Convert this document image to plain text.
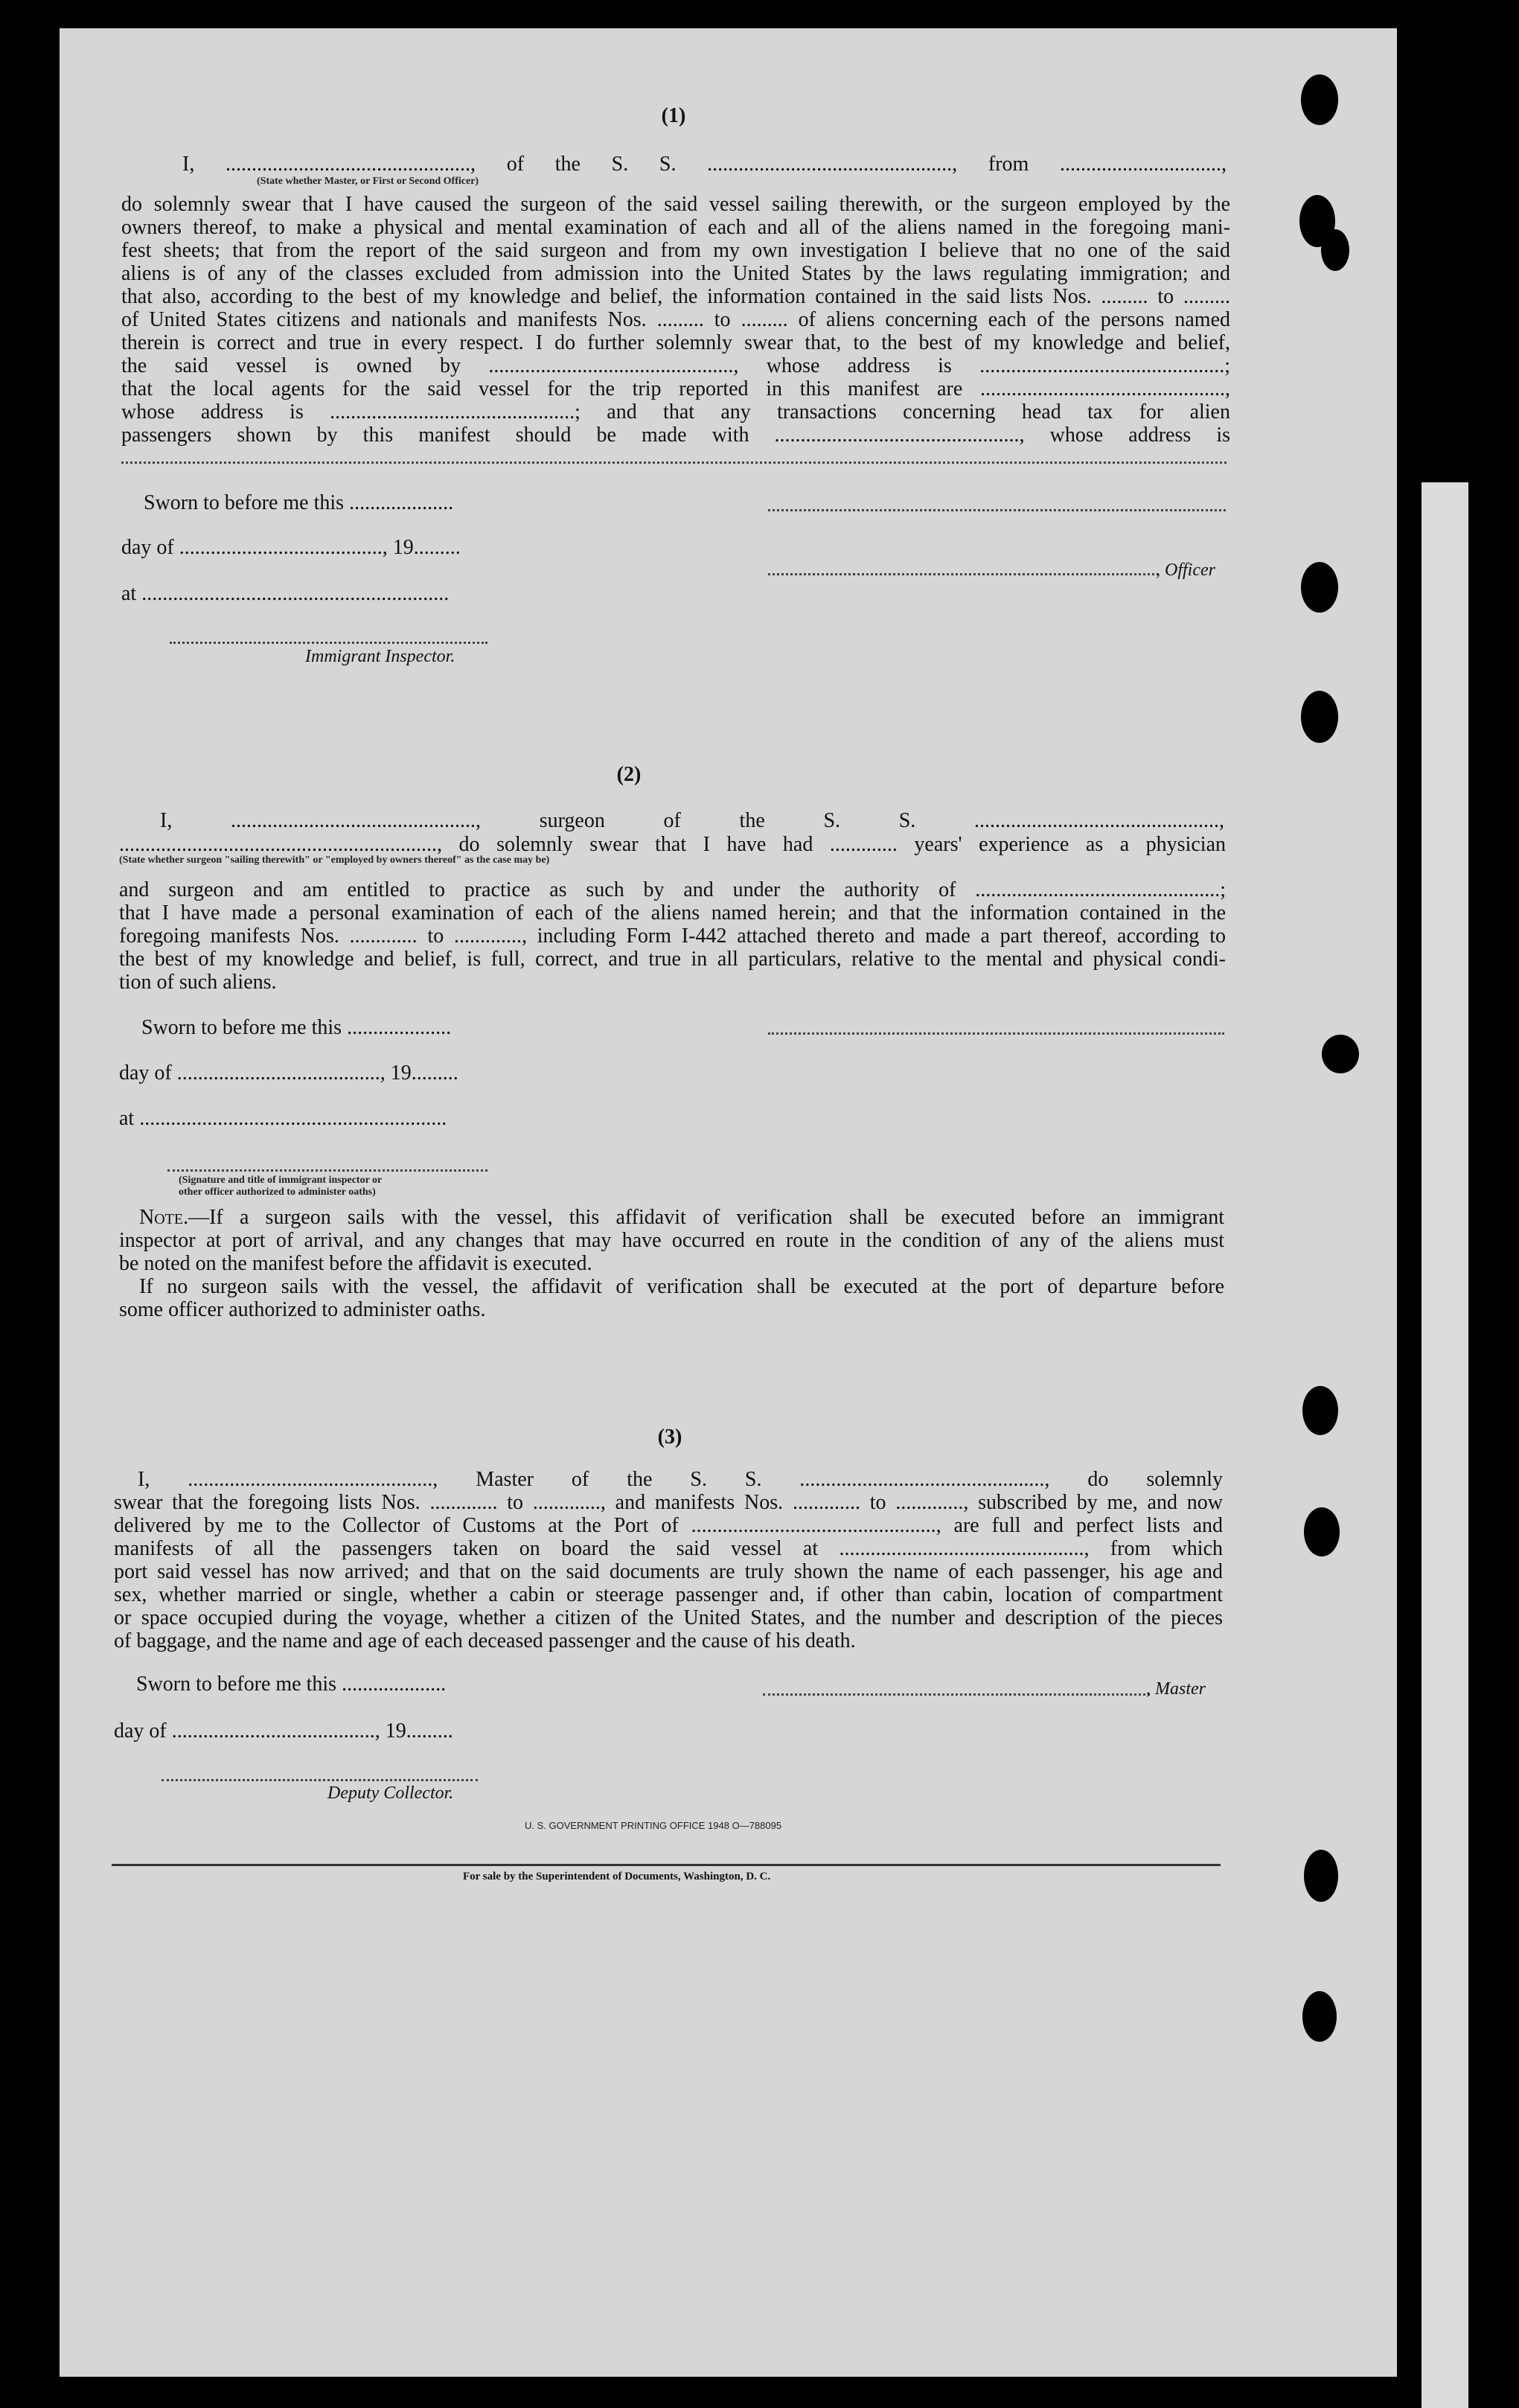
(1)
I, ..............................................., of the S. S. ..............................................., from ...............................,
(State whether Master, or First or Second Officer)
do solemnly swear that I have caused the surgeon of the said vessel sailing therewith, or the surgeon employed by the
owners thereof, to make a physical and mental examination of each and all of the aliens named in the foregoing mani-
fest sheets; that from the report of the said surgeon and from my own investigation I believe that no one of the said
aliens is of any of the classes excluded from admission into the United States by the laws regulating immigration; and
that also, according to the best of my knowledge and belief, the information contained in the said lists Nos. ......... to .........
of United States citizens and nationals and manifests Nos. ......... to ......... of aliens concerning each of the persons named
therein is correct and true in every respect. I do further solemnly swear that, to the best of my knowledge and belief,
the said vessel is owned by ..............................................., whose address is ...............................................;
that the local agents for the said vessel for the trip reported in this manifest are ...............................................,
whose address is ...............................................; and that any transactions concerning head tax for alien
passengers shown by this manifest should be made with ..............................................., whose address is
Sworn to before me this ....................
day of ......................................., 19.........
, Officer
at ...........................................................
Immigrant Inspector.
(2)
I, ..............................................., surgeon of the S. S. ...............................................,
............................................................., do solemnly swear that I have had ............. years' experience as a physician
(State whether surgeon "sailing therewith" or "employed by owners thereof" as the case may be)
and surgeon and am entitled to practice as such by and under the authority of ...............................................;
that I have made a personal examination of each of the aliens named herein; and that the information contained in the
foregoing manifests Nos. ............. to ............., including Form I-442 attached thereto and made a part thereof, according to
the best of my knowledge and belief, is full, correct, and true in all particulars, relative to the mental and physical condi-
tion of such aliens.
Sworn to before me this ....................
day of ......................................., 19.........
at ...........................................................
(Signature and title of immigrant inspector or
other officer authorized to administer oaths)
Note.—If a surgeon sails with the vessel, this affidavit of verification shall be executed before an immigrant
inspector at port of arrival, and any changes that may have occurred en route in the condition of any of the aliens must
be noted on the manifest before the affidavit is executed.
If no surgeon sails with the vessel, the affidavit of verification shall be executed at the port of departure before
some officer authorized to administer oaths.
(3)
I, ..............................................., Master of the S. S. ..............................................., do solemnly
swear that the foregoing lists Nos. ............. to ............., and manifests Nos. ............. to ............., subscribed by me, and now
delivered by me to the Collector of Customs at the Port of ..............................................., are full and perfect lists and
manifests of all the passengers taken on board the said vessel at ..............................................., from which
port said vessel has now arrived; and that on the said documents are truly shown the name of each passenger, his age and
sex, whether married or single, whether a cabin or steerage passenger and, if other than cabin, location of compartment
or space occupied during the voyage, whether a citizen of the United States, and the number and description of the pieces
of baggage, and the name and age of each deceased passenger and the cause of his death.
Sworn to before me this ....................	, Master
day of ......................................., 19.........
Deputy Collector.
U. S. GOVERNMENT PRINTING OFFICE 1948 O—788095
For sale by the Superintendent of Documents, Washington, D. C.
